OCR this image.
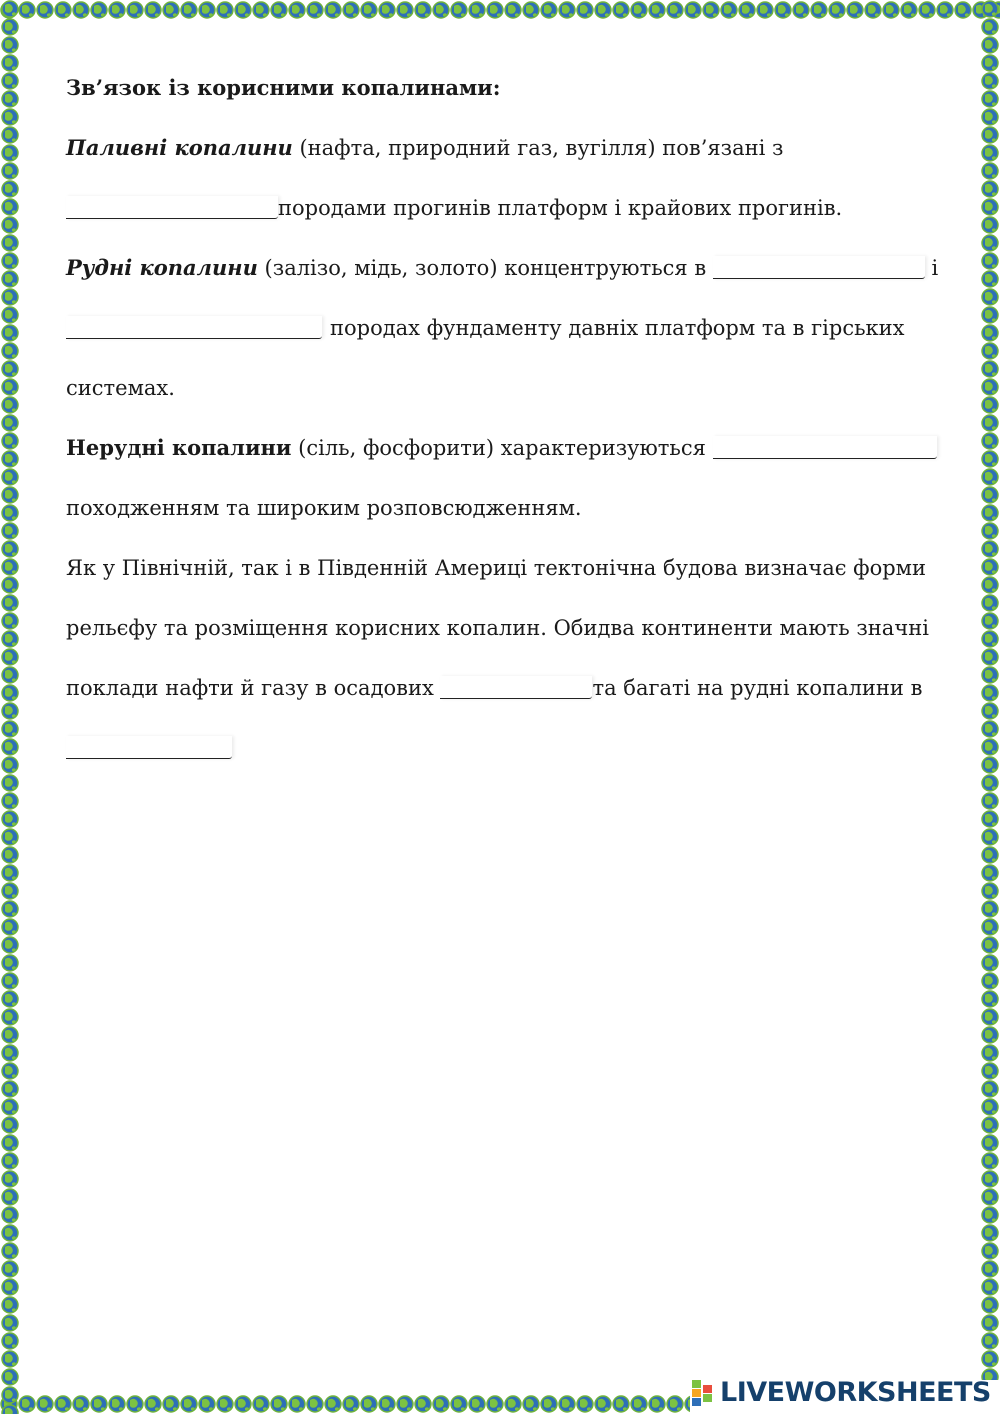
Зв’язок із корисними копалинами:
Паливні копалини (нафта, природний газ, вугілля) пов’язані з
породами прогинів платформ і крайових прогинів.
Рудні копалини (залізо, мідь, золото) концентруються в	і
породах фундаменту давніх платформ та в гірських
системах.
Нерудні копалини (сіль, фосфорити) характеризуються
походженням та широким розповсюдженням.
Як у Північній, так і в Південній Америці тектонічна будова визначає форми
рельєфу та розміщення корисних копалин. Обидва континенти мають значні
поклади нафти й газу в осадових	та багаті на рудні копалини в
LIVEWORKSHEETS
